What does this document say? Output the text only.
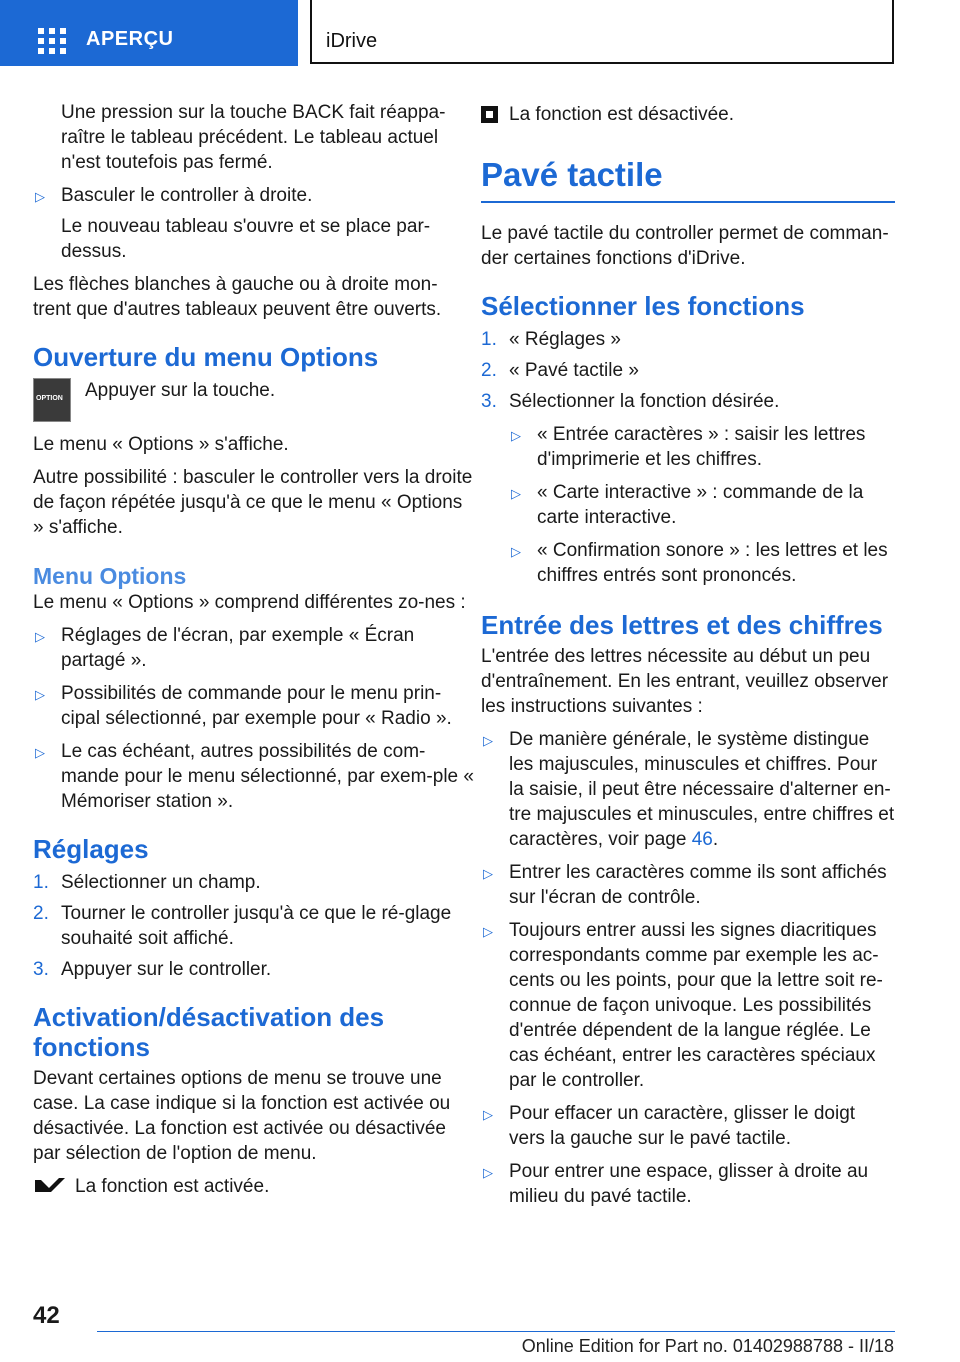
APERÇU	iDrive

Une pression sur la touche BACK fait réappa-raître le tableau précédent. Le tableau actuel n'est toutefois pas fermé.

▷ Basculer le controller à droite.

Le nouveau tableau s'ouvre et se place par-dessus.

Les flèches blanches à gauche ou à droite mon-trent que d'autres tableaux peuvent être ouverts.

Ouverture du menu Options
OPTION Appuyer sur la touche.

Le menu « Options » s'affiche.

Autre possibilité : basculer le controller vers la droite de façon répétée jusqu'à ce que le menu « Options » s'affiche.

Menu Options

Le menu « Options » comprend différentes zo-nes :

▷ Réglages de l'écran, par exemple « Écran partagé ».
▷ Possibilités de commande pour le menu prin-cipal sélectionné, par exemple pour « Radio ».
▷ Le cas échéant, autres possibilités de com-mande pour le menu sélectionné, par exem-ple « Mémoriser station ».
Réglages
1. Sélectionner un champ.
2. Tourner le controller jusqu'à ce que le ré-glage souhaité soit affiché.
3. Appuyer sur le controller.
Activation/désactivation des fonctions

Devant certaines options de menu se trouve une case. La case indique si la fonction est activée ou désactivée. La fonction est activée ou désactivée par sélection de l'option de menu.

La fonction est activée.
La fonction est désactivée.
Pavé tactile

Le pavé tactile du controller permet de comman-der certaines fonctions d'iDrive.

Sélectionner les fonctions
1. « Réglages »
2. « Pavé tactile »
3. Sélectionner la fonction désirée.
▷ « Entrée caractères » : saisir les lettres d'imprimerie et les chiffres.
▷ « Carte interactive » : commande de la carte interactive.
▷ « Confirmation sonore » : les lettres et les chiffres entrés sont prononcés.
Entrée des lettres et des chiffres

L'entrée des lettres nécessite au début un peu d'entraînement. En les entrant, veuillez observer les instructions suivantes :

▷ De manière générale, le système distingue les majuscules, minuscules et chiffres. Pour la saisie, il peut être nécessaire d'alterner en-tre majuscules et minuscules, entre chiffres et caractères, voir page 46.
▷ Entrer les caractères comme ils sont affichés sur l'écran de contrôle.
▷ Toujours entrer aussi les signes diacritiques correspondants comme par exemple les ac-cents ou les points, pour que la lettre soit re-connue de façon univoque. Les possibilités d'entrée dépendent de la langue réglée. Le cas échéant, entrer les caractères spéciaux par le controller.
▷ Pour effacer un caractère, glisser le doigt vers la gauche sur le pavé tactile.
▷ Pour entrer une espace, glisser à droite au milieu du pavé tactile.
42
Online Edition for Part no. 01402988788 - II/18
